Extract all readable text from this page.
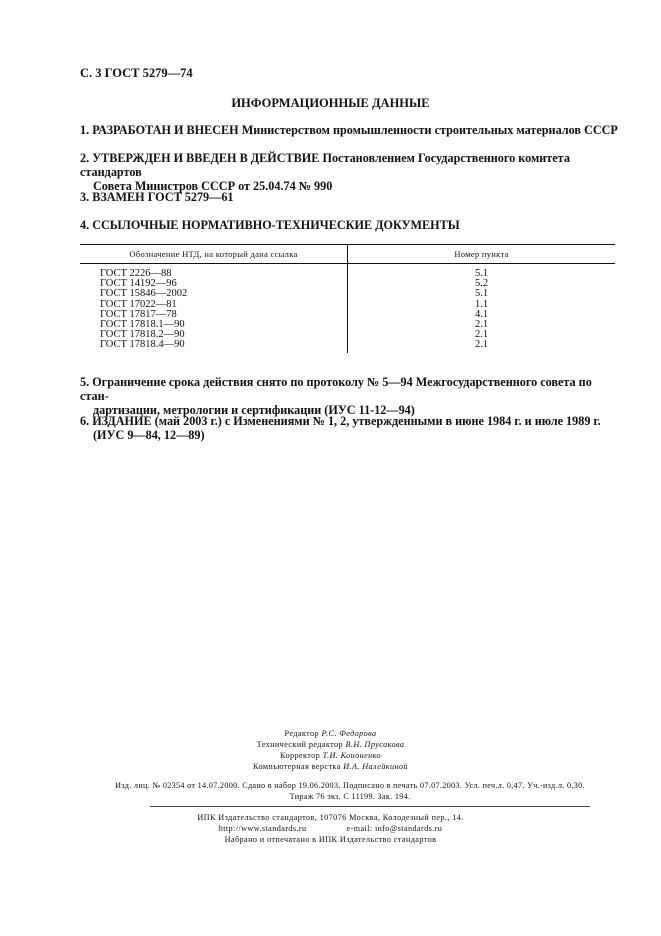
С. 3 ГОСТ 5279—74
ИНФОРМАЦИОННЫЕ ДАННЫЕ
1. РАЗРАБОТАН И ВНЕСЕН Министерством промышленности строительных материалов СССР
2. УТВЕРЖДЕН И ВВЕДЕН В ДЕЙСТВИЕ Постановлением Государственного комитета стандартов
Совета Министров СССР от 25.04.74 № 990
3. ВЗАМЕН ГОСТ 5279—61
4. ССЫЛОЧНЫЕ НОРМАТИВНО-ТЕХНИЧЕСКИЕ ДОКУМЕНТЫ
Обозначение НТД, на который дана ссылка	Номер пункта
ГОСТ 2226—88	5.1
ГОСТ 14192—96	5.2
ГОСТ 15846—2002	5.1
ГОСТ 17022—81	1.1
ГОСТ 17817—78	4.1
ГОСТ 17818.1—90	2.1
ГОСТ 17818.2—90	2.1
ГОСТ 17818.4—90	2.1
5. Ограничение срока действия снято по протоколу № 5—94 Межгосударственного совета по стан-
дартизации, метрологии и сертификации (ИУС 11-12—94)
6. ИЗДАНИЕ (май 2003 г.) с Изменениями № 1, 2, утвержденными в июне 1984 г. и июле 1989 г.
(ИУС 9—84, 12—89)
Редактор Р.С. Федорова
Технический редактор В.Н. Прусакова
Корректор Т.И. Кононенко
Компьютерная верстка И.А. Налейкиной
Изд. лиц. № 02354 от 14.07.2000. Сдано в набор 19.06.2003. Подписано в печать 07.07.2003. Усл. печ.л. 0,47. Уч.-изд.л. 0,30.
Тираж 76 экз. С 11199. Зак. 194.
ИПК Издательство стандартов, 107076 Москва, Колодезный пер., 14.
http://www.standards.ru	e-mail: info@standards.ru
Набрано и отпечатано в ИПК Издательство стандартов
